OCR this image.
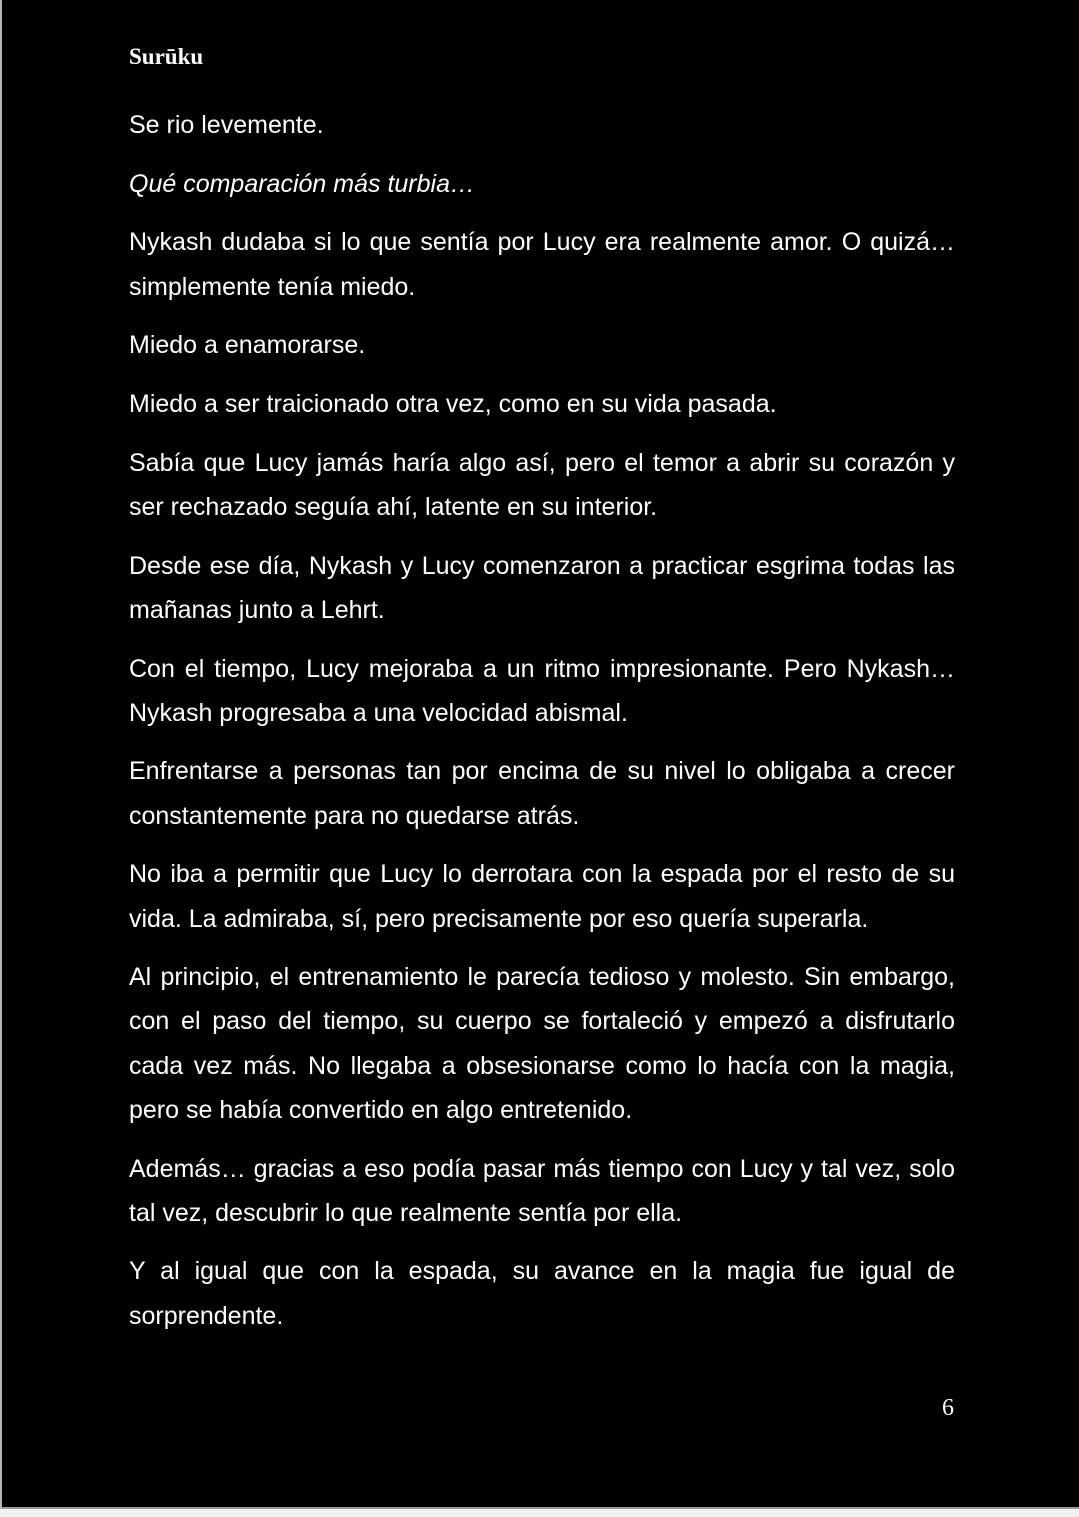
Surūku

Se rio levemente.

Qué comparación más turbia…

Nykash dudaba si lo que sentía por Lucy era realmente amor. O quizá… simplemente tenía miedo.

Miedo a enamorarse.

Miedo a ser traicionado otra vez, como en su vida pasada.

Sabía que Lucy jamás haría algo así, pero el temor a abrir su corazón y ser rechazado seguía ahí, latente en su interior.

Desde ese día, Nykash y Lucy comenzaron a practicar esgrima todas las mañanas junto a Lehrt.

Con el tiempo, Lucy mejoraba a un ritmo impresionante. Pero Nykash… Nykash progresaba a una velocidad abismal.

Enfrentarse a personas tan por encima de su nivel lo obligaba a crecer constantemente para no quedarse atrás.

No iba a permitir que Lucy lo derrotara con la espada por el resto de su vida. La admiraba, sí, pero precisamente por eso quería superarla.

Al principio, el entrenamiento le parecía tedioso y molesto. Sin embargo, con el paso del tiempo, su cuerpo se fortaleció y empezó a disfrutarlo cada vez más. No llegaba a obsesionarse como lo hacía con la magia, pero se había convertido en algo entretenido.

Además… gracias a eso podía pasar más tiempo con Lucy y tal vez, solo tal vez, descubrir lo que realmente sentía por ella.

Y al igual que con la espada, su avance en la magia fue igual de sorprendente.

6
